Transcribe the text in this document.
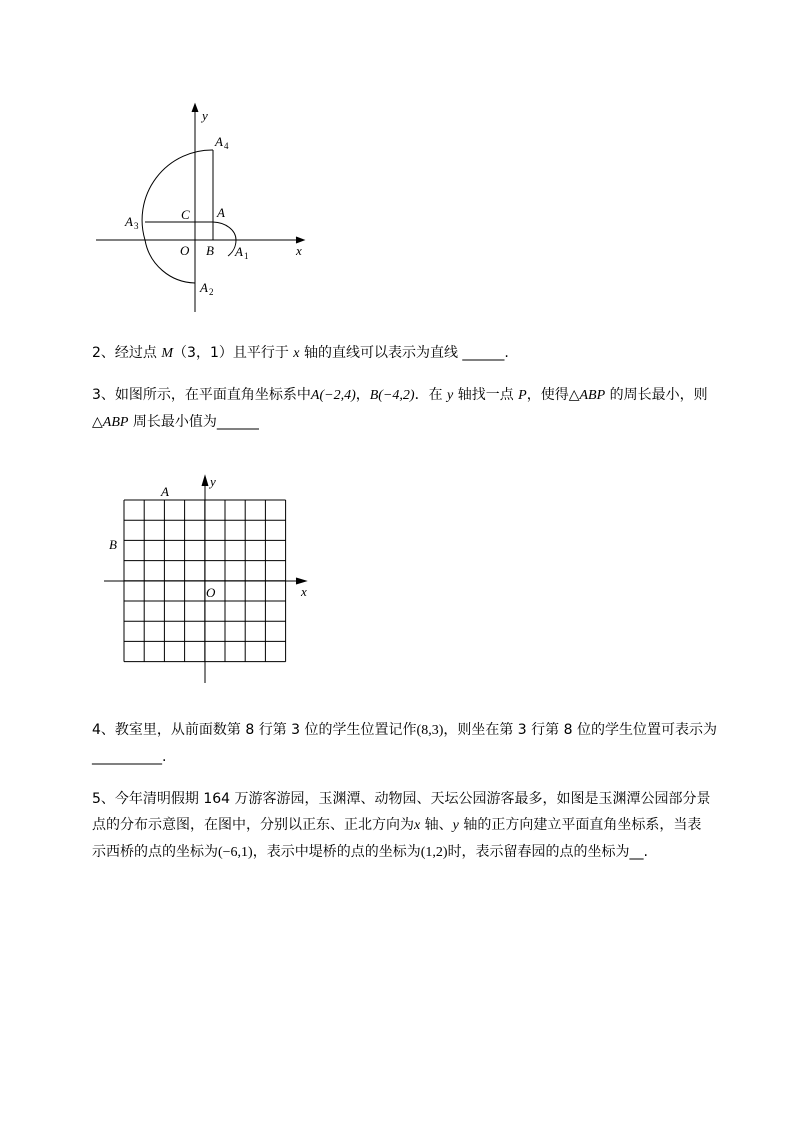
y
x
A 4
A 3
C A
O B A 1
A 2
2、经过点 M（3，1）且平行于 x 轴的直线可以表示为直线 ______.
3、如图所示，在平面直角坐标系中A(−2,4)，B(−4,2)．在 y 轴找一点 P，使得△ABP 的周长最小，则
△ABP 周长最小值为______
A
B
O	x
y
4、教室里，从前面数第 8 行第 3 位的学生位置记作(8,3)，则坐在第 3 行第 8 位的学生位置可表示为
__________.
5、今年清明假期 164 万游客游园，玉渊潭、动物园、天坛公园游客最多，如图是玉渊潭公园部分景
点的分布示意图，在图中，分别以正东、正北方向为x 轴、y 轴的正方向建立平面直角坐标系，当表
示西桥的点的坐标为(−6,1)，表示中堤桥的点的坐标为(1,2)时，表示留春园的点的坐标为__.
